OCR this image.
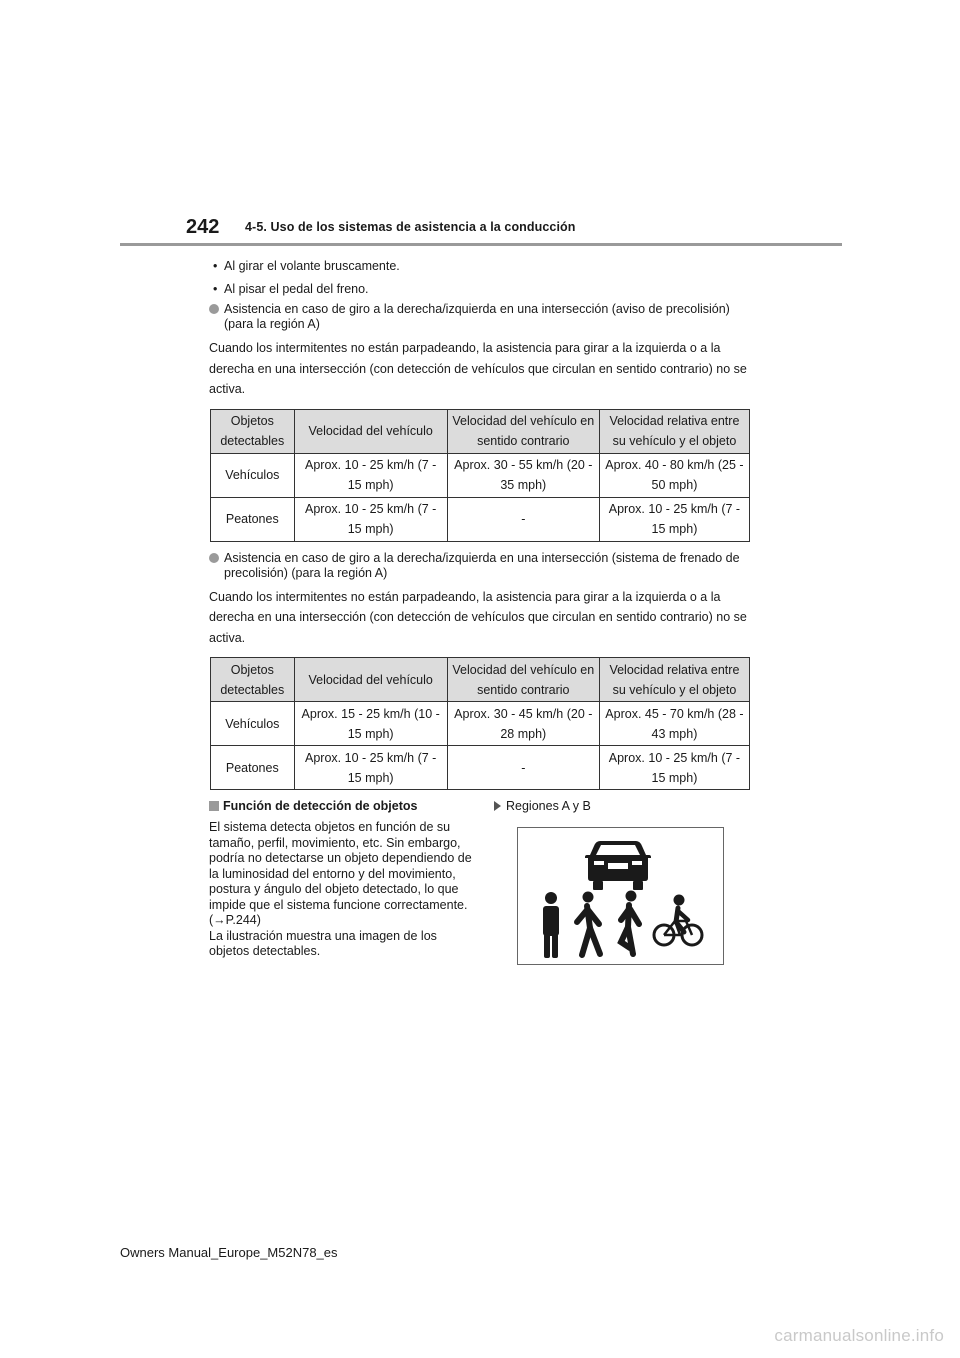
242 4-5. Uso de los sistemas de asistencia a la conducción
• Al girar el volante bruscamente.
• Al pisar el pedal del freno.
Asistencia en caso de giro a la derecha/izquierda en una intersección (aviso de precolisión) (para la región A)
Cuando los intermitentes no están parpadeando, la asistencia para girar a la izquierda o a la derecha en una intersección (con detección de vehículos que circulan en sentido contrario) no se activa.
Objetos detectables	Velocidad del vehículo	Velocidad del vehículo en sentido contrario	Velocidad relativa entre su vehículo y el objeto
Vehículos	Aprox. 10 - 25 km/h (7 - 15 mph)	Aprox. 30 - 55 km/h (20 - 35 mph)	Aprox. 40 - 80 km/h (25 - 50 mph)
Peatones	Aprox. 10 - 25 km/h (7 - 15 mph)	-	Aprox. 10 - 25 km/h (7 - 15 mph)
Asistencia en caso de giro a la derecha/izquierda en una intersección (sistema de frenado de precolisión) (para la región A)
Cuando los intermitentes no están parpadeando, la asistencia para girar a la izquierda o a la derecha en una intersección (con detección de vehículos que circulan en sentido contrario) no se activa.
Objetos detectables	Velocidad del vehículo	Velocidad del vehículo en sentido contrario	Velocidad relativa entre su vehículo y el objeto
Vehículos	Aprox. 15 - 25 km/h (10 - 15 mph)	Aprox. 30 - 45 km/h (20 - 28 mph)	Aprox. 45 - 70 km/h (28 - 43 mph)
Peatones	Aprox. 10 - 25 km/h (7 - 15 mph)	-	Aprox. 10 - 25 km/h (7 - 15 mph)
Función de detección de objetos
El sistema detecta objetos en función de su tamaño, perfil, movimiento, etc. Sin embargo, podría no detectarse un objeto dependiendo de la luminosidad del entorno y del movimiento, postura y ángulo del objeto detectado, lo que impide que el sistema funcione correctamente. (→P.244)
La ilustración muestra una imagen de los objetos detectables.
Regiones A y B
Owners Manual_Europe_M52N78_es
carmanualsonline.info
